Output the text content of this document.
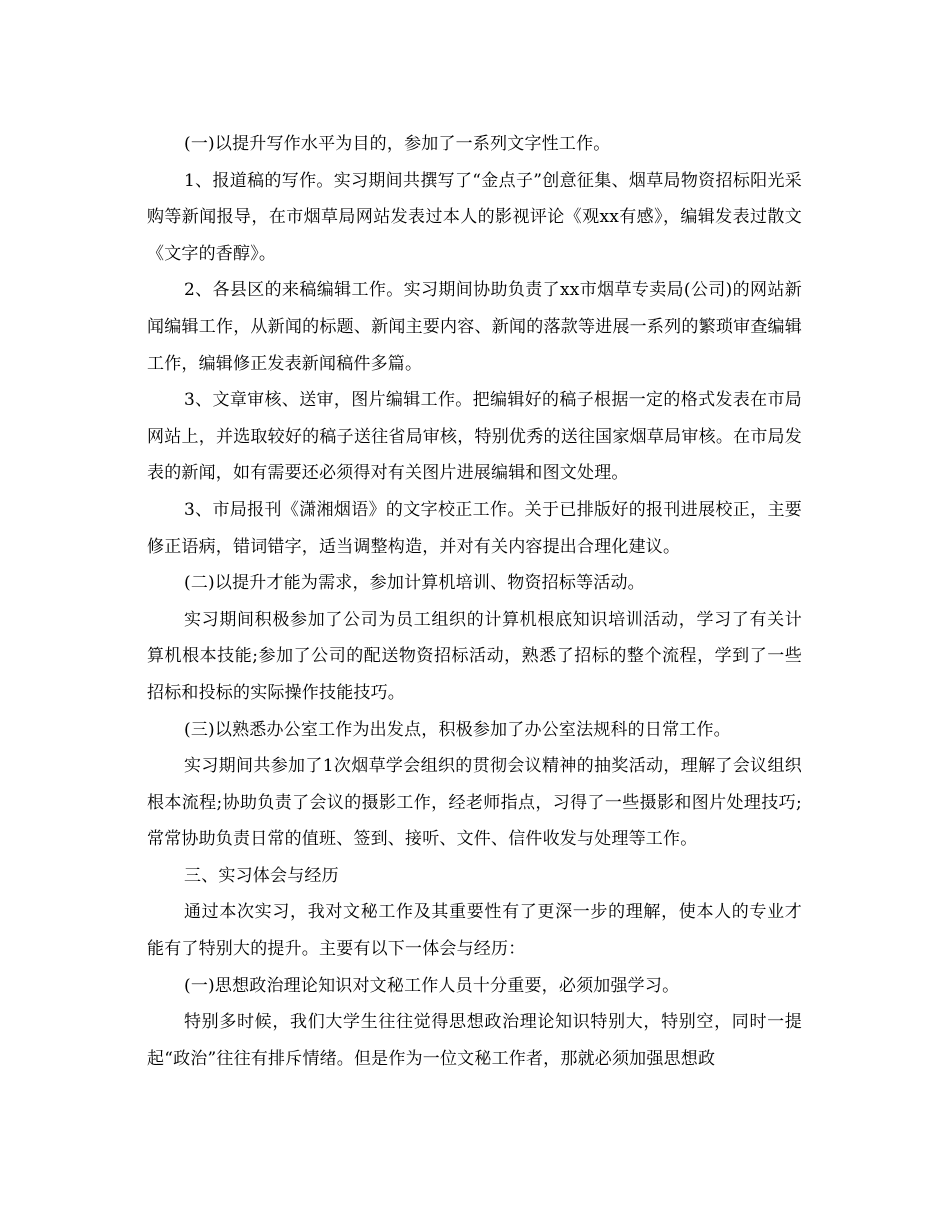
(一)以提升写作水平为目的，参加了一系列文字性工作。

1、报道稿的写作。实习期间共撰写了“金点子”创意征集、烟草局物资招标阳光采购等新闻报导，在市烟草局网站发表过本人的影视评论《观xx有感》，编辑发表过散文《文字的香醇》。

2、各县区的来稿编辑工作。实习期间协助负责了xx市烟草专卖局(公司)的网站新闻编辑工作，从新闻的标题、新闻主要内容、新闻的落款等进展一系列的繁琐审查编辑工作，编辑修正发表新闻稿件多篇。

3、文章审核、送审，图片编辑工作。把编辑好的稿子根据一定的格式发表在市局网站上，并选取较好的稿子送往省局审核，特别优秀的送往国家烟草局审核。在市局发表的新闻，如有需要还必须得对有关图片进展编辑和图文处理。

3、市局报刊《潇湘烟语》的文字校正工作。关于已排版好的报刊进展校正，主要修正语病，错词错字，适当调整构造，并对有关内容提出合理化建议。

(二)以提升才能为需求，参加计算机培训、物资招标等活动。

实习期间积极参加了公司为员工组织的计算机根底知识培训活动，学习了有关计算机根本技能;参加了公司的配送物资招标活动，熟悉了招标的整个流程，学到了一些招标和投标的实际操作技能技巧。

(三)以熟悉办公室工作为出发点，积极参加了办公室法规科的日常工作。

实习期间共参加了1次烟草学会组织的贯彻会议精神的抽奖活动，理解了会议组织根本流程;协助负责了会议的摄影工作，经老师指点，习得了一些摄影和图片处理技巧;常常协助负责日常的值班、签到、接听、文件、信件收发与处理等工作。

三、实习体会与经历

通过本次实习，我对文秘工作及其重要性有了更深一步的理解，使本人的专业才能有了特别大的提升。主要有以下一体会与经历：

(一)思想政治理论知识对文秘工作人员十分重要，必须加强学习。

特别多时候，我们大学生往往觉得思想政治理论知识特别大，特别空，同时一提起“政治”往往有排斥情绪。但是作为一位文秘工作者，那就必须加强思想政
